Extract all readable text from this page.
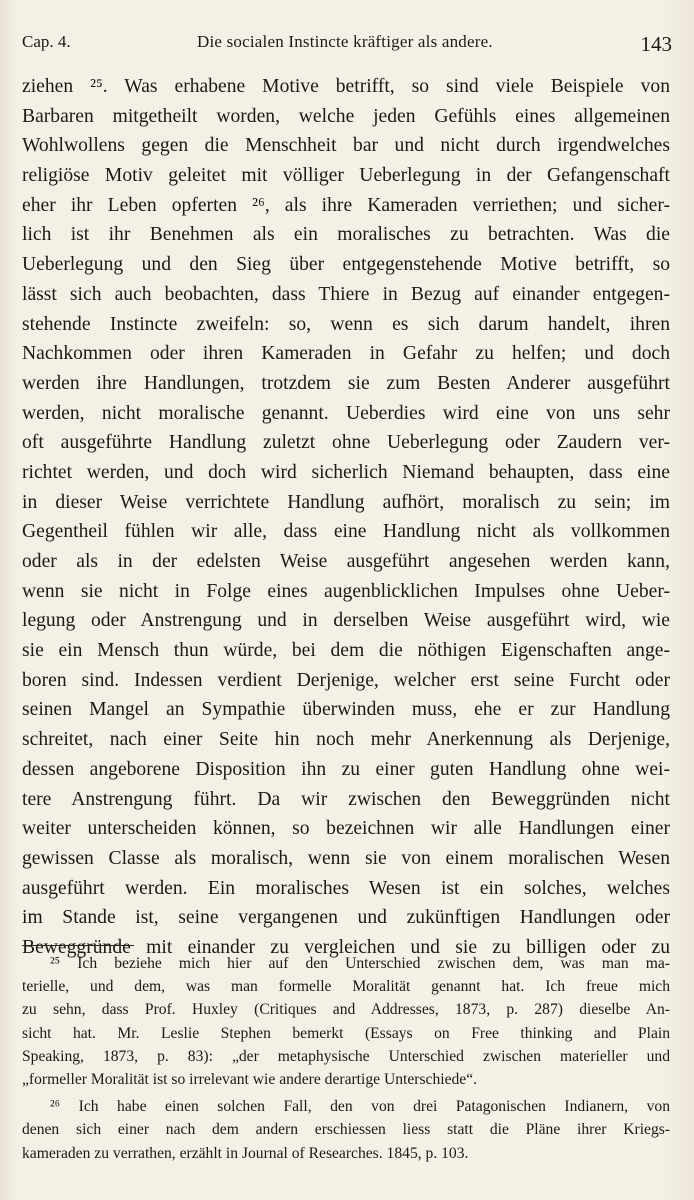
Cap. 4.	Die socialen Instincte kräftiger als andere.	143
ziehen ²⁵. Was erhabene Motive betrifft, so sind viele Beispiele von
Barbaren mitgetheilt worden, welche jeden Gefühls eines allgemeinen
Wohlwollens gegen die Menschheit bar und nicht durch irgendwelches
religiöse Motiv geleitet mit völliger Ueberlegung in der Gefangenschaft
eher ihr Leben opferten ²⁶, als ihre Kameraden verriethen; und sicher-
lich ist ihr Benehmen als ein moralisches zu betrachten. Was die
Ueberlegung und den Sieg über entgegenstehende Motive betrifft, so
lässt sich auch beobachten, dass Thiere in Bezug auf einander entgegen-
stehende Instincte zweifeln: so, wenn es sich darum handelt, ihren
Nachkommen oder ihren Kameraden in Gefahr zu helfen; und doch
werden ihre Handlungen, trotzdem sie zum Besten Anderer ausgeführt
werden, nicht moralische genannt. Ueberdies wird eine von uns sehr
oft ausgeführte Handlung zuletzt ohne Ueberlegung oder Zaudern ver-
richtet werden, und doch wird sicherlich Niemand behaupten, dass eine
in dieser Weise verrichtete Handlung aufhört, moralisch zu sein; im
Gegentheil fühlen wir alle, dass eine Handlung nicht als vollkommen
oder als in der edelsten Weise ausgeführt angesehen werden kann,
wenn sie nicht in Folge eines augenblicklichen Impulses ohne Ueber-
legung oder Anstrengung und in derselben Weise ausgeführt wird, wie
sie ein Mensch thun würde, bei dem die nöthigen Eigenschaften ange-
boren sind. Indessen verdient Derjenige, welcher erst seine Furcht oder
seinen Mangel an Sympathie überwinden muss, ehe er zur Handlung
schreitet, nach einer Seite hin noch mehr Anerkennung als Derjenige,
dessen angeborene Disposition ihn zu einer guten Handlung ohne wei-
tere Anstrengung führt. Da wir zwischen den Beweggründen nicht
weiter unterscheiden können, so bezeichnen wir alle Handlungen einer
gewissen Classe als moralisch, wenn sie von einem moralischen Wesen
ausgeführt werden. Ein moralisches Wesen ist ein solches, welches
im Stande ist, seine vergangenen und zukünftigen Handlungen oder
Beweggründe mit einander zu vergleichen und sie zu billigen oder zu
²⁵ Ich beziehe mich hier auf den Unterschied zwischen dem, was man ma-
terielle, und dem, was man formelle Moralität genannt hat. Ich freue mich
zu sehn, dass Prof. Huxley (Critiques and Addresses, 1873, p. 287) dieselbe An-
sicht hat. Mr. Leslie Stephen bemerkt (Essays on Free thinking and Plain
Speaking, 1873, p. 83): „der metaphysische Unterschied zwischen materieller und
„formeller Moralität ist so irrelevant wie andere derartige Unterschiede“.
²⁶ Ich habe einen solchen Fall, den von drei Patagonischen Indianern, von
denen sich einer nach dem andern erschiessen liess statt die Pläne ihrer Kriegs-
kameraden zu verrathen, erzählt in Journal of Researches. 1845, p. 103.
